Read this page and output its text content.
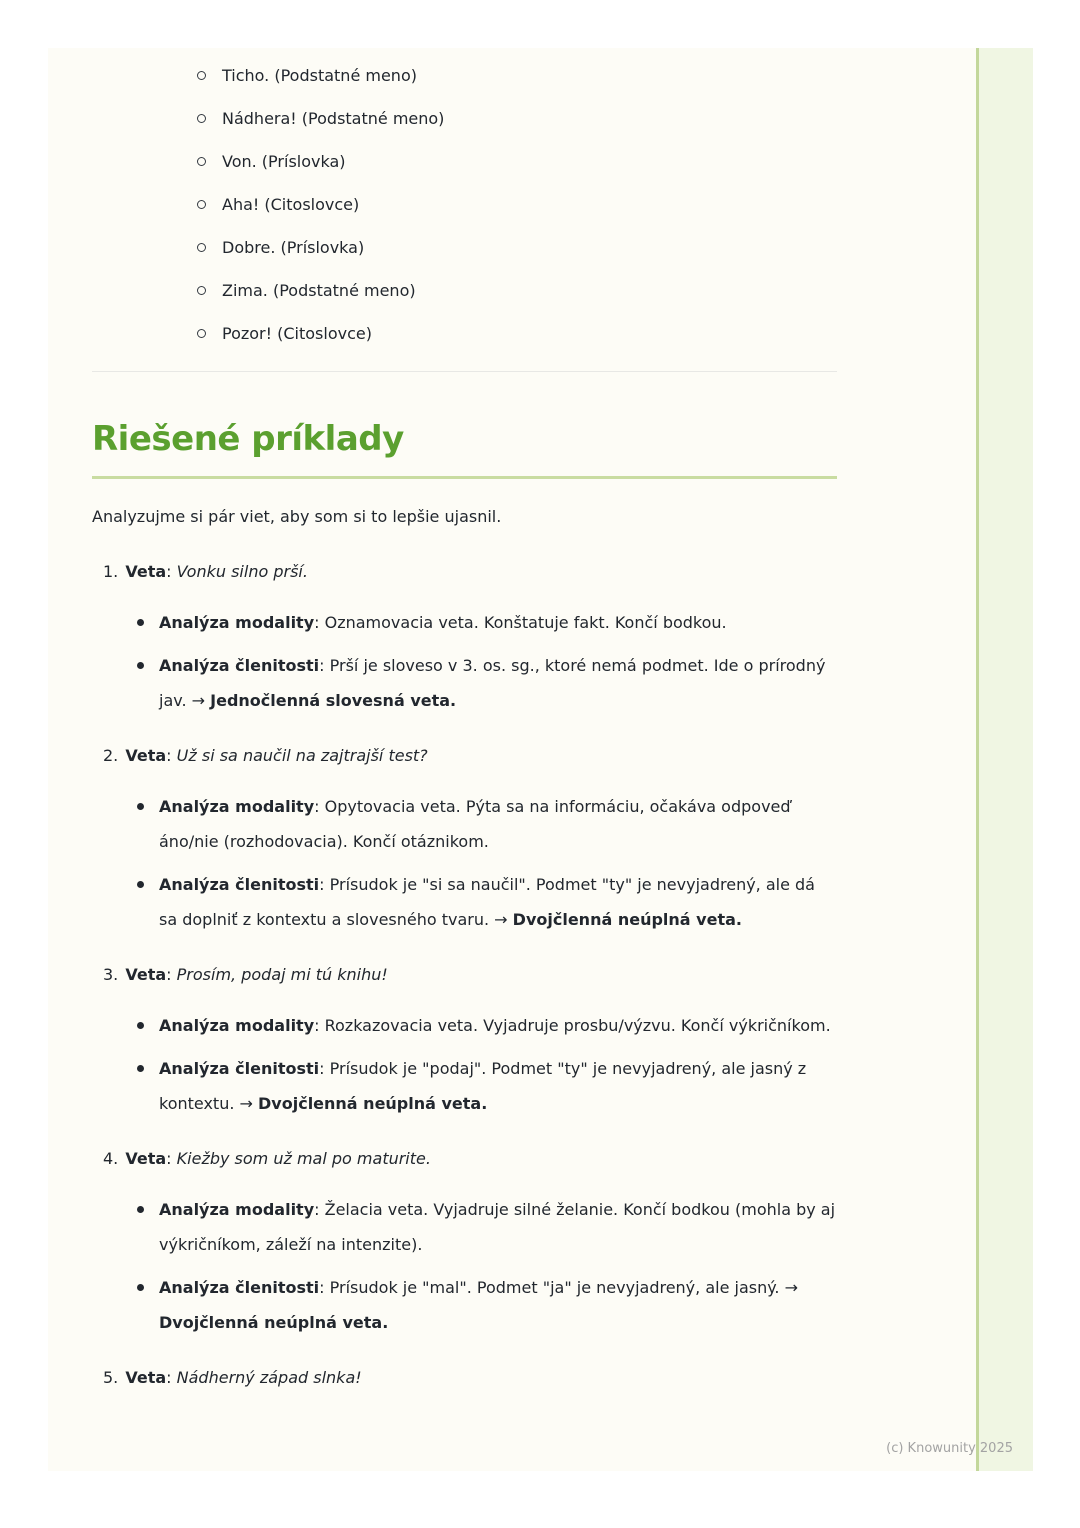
Ticho. (Podstatné meno)
Nádhera! (Podstatné meno)
Von. (Príslovka)
Aha! (Citoslovce)
Dobre. (Príslovka)
Zima. (Podstatné meno)
Pozor! (Citoslovce)
Riešené príklady

Analyzujme si pár viet, aby som si to lepšie ujasnil.

1. Veta: Vonku silno prší.
Analýza modality: Oznamovacia veta. Konštatuje fakt. Končí bodkou.
Analýza členitosti: Prší je sloveso v 3. os. sg., ktoré nemá podmet. Ide o prírodný jav. → Jednočlenná slovesná veta.
2. Veta: Už si sa naučil na zajtrajší test?
Analýza modality: Opytovacia veta. Pýta sa na informáciu, očakáva odpoveď áno/nie (rozhodovacia). Končí otáznikom.
Analýza členitosti: Prísudok je "si sa naučil". Podmet "ty" je nevyjadrený, ale dá sa doplniť z kontextu a slovesného tvaru. → Dvojčlenná neúplná veta.
3. Veta: Prosím, podaj mi tú knihu!
Analýza modality: Rozkazovacia veta. Vyjadruje prosbu/výzvu. Končí výkričníkom.
Analýza členitosti: Prísudok je "podaj". Podmet "ty" je nevyjadrený, ale jasný z kontextu. → Dvojčlenná neúplná veta.
4. Veta: Kiežby som už mal po maturite.
Analýza modality: Želacia veta. Vyjadruje silné želanie. Končí bodkou (mohla by aj výkričníkom, záleží na intenzite).
Analýza členitosti: Prísudok je "mal". Podmet "ja" je nevyjadrený, ale jasný. → Dvojčlenná neúplná veta.
5. Veta: Nádherný západ slnka!
(c) Knowunity 2025
